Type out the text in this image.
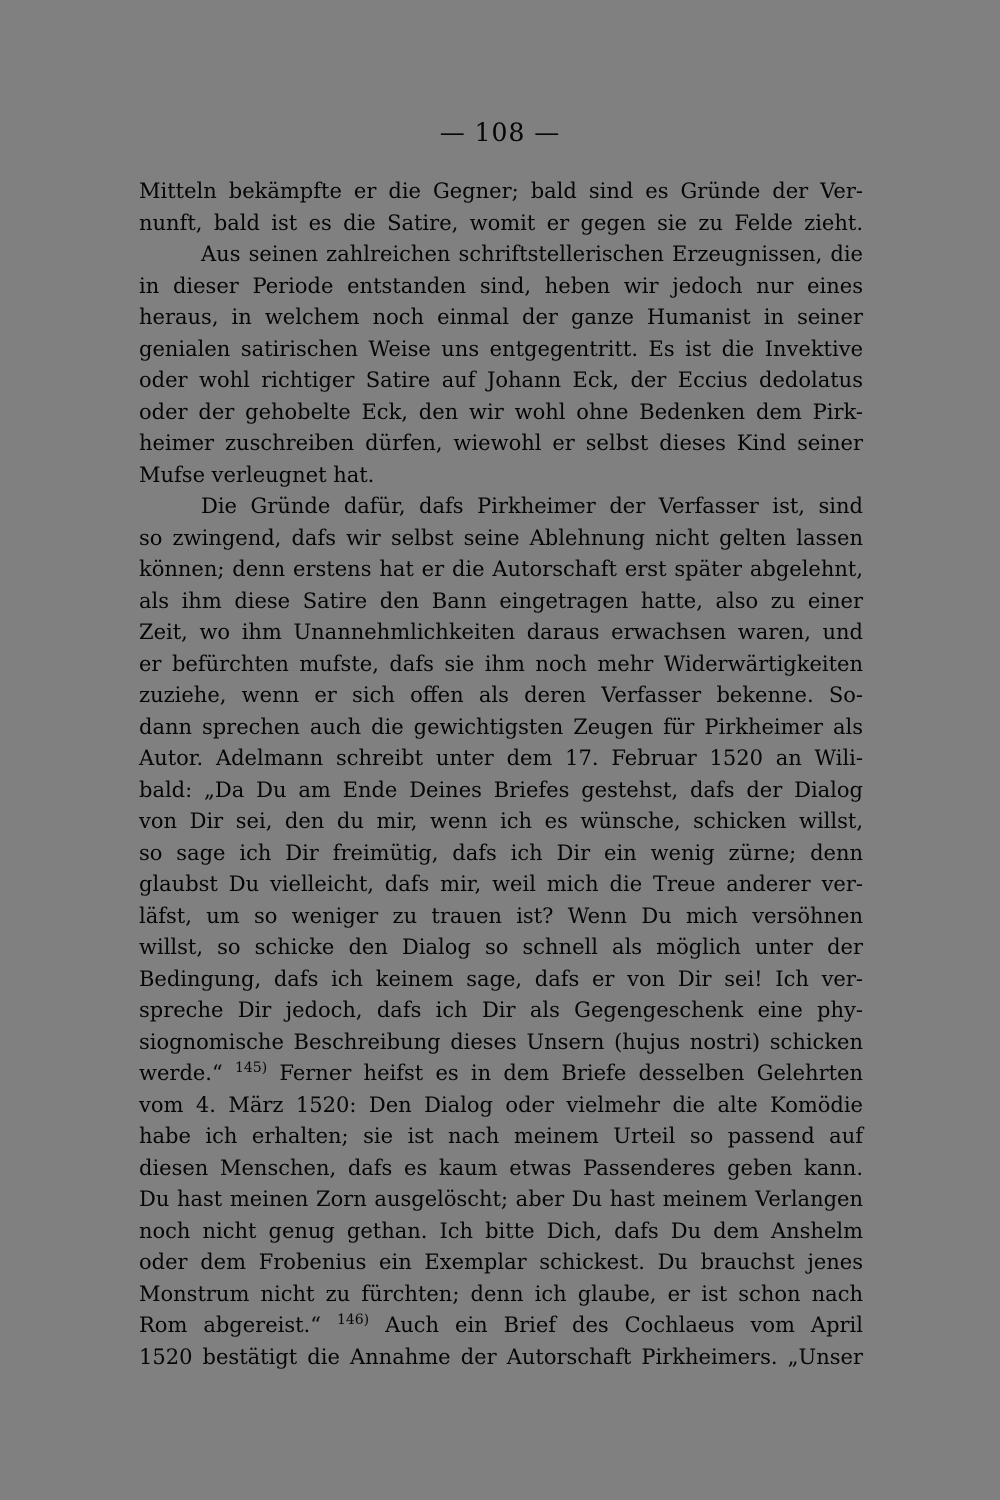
— 108 —
Mitteln bekämpfte er die Gegner; bald sind es Gründe der Ver-
nunft, bald ist es die Satire, womit er gegen sie zu Felde zieht.
Aus seinen zahlreichen schriftstellerischen Erzeugnissen, die
in dieser Periode entstanden sind, heben wir jedoch nur eines
heraus, in welchem noch einmal der ganze Humanist in seiner
genialen satirischen Weise uns entgegentritt. Es ist die Invektive
oder wohl richtiger Satire auf Johann Eck, der Eccius dedolatus
oder der gehobelte Eck, den wir wohl ohne Bedenken dem Pirk-
heimer zuschreiben dürfen, wiewohl er selbst dieses Kind seiner
Mufse verleugnet hat.
Die Gründe dafür, dafs Pirkheimer der Verfasser ist, sind
so zwingend, dafs wir selbst seine Ablehnung nicht gelten lassen
können; denn erstens hat er die Autorschaft erst später abgelehnt,
als ihm diese Satire den Bann eingetragen hatte, also zu einer
Zeit, wo ihm Unannehmlichkeiten daraus erwachsen waren, und
er befürchten mufste, dafs sie ihm noch mehr Widerwärtigkeiten
zuziehe, wenn er sich offen als deren Verfasser bekenne. So-
dann sprechen auch die gewichtigsten Zeugen für Pirkheimer als
Autor. Adelmann schreibt unter dem 17. Februar 1520 an Wili-
bald: „Da Du am Ende Deines Briefes gestehst, dafs der Dialog
von Dir sei, den du mir, wenn ich es wünsche, schicken willst,
so sage ich Dir freimütig, dafs ich Dir ein wenig zürne; denn
glaubst Du vielleicht, dafs mir, weil mich die Treue anderer ver-
läfst, um so weniger zu trauen ist? Wenn Du mich versöhnen
willst, so schicke den Dialog so schnell als möglich unter der
Bedingung, dafs ich keinem sage, dafs er von Dir sei! Ich ver-
spreche Dir jedoch, dafs ich Dir als Gegengeschenk eine phy-
siognomische Beschreibung dieses Unsern (hujus nostri) schicken
werde.“ $^{145)}$ Ferner heifst es in dem Briefe desselben Gelehrten
vom 4. März 1520: Den Dialog oder vielmehr die alte Komödie
habe ich erhalten; sie ist nach meinem Urteil so passend auf
diesen Menschen, dafs es kaum etwas Passenderes geben kann.
Du hast meinen Zorn ausgelöscht; aber Du hast meinem Verlangen
noch nicht genug gethan. Ich bitte Dich, dafs Du dem Anshelm
oder dem Frobenius ein Exemplar schickest. Du brauchst jenes
Monstrum nicht zu fürchten; denn ich glaube, er ist schon nach
Rom abgereist.“ $^{146)}$ Auch ein Brief des Cochlaeus vom April
1520 bestätigt die Annahme der Autorschaft Pirkheimers. „Unser
